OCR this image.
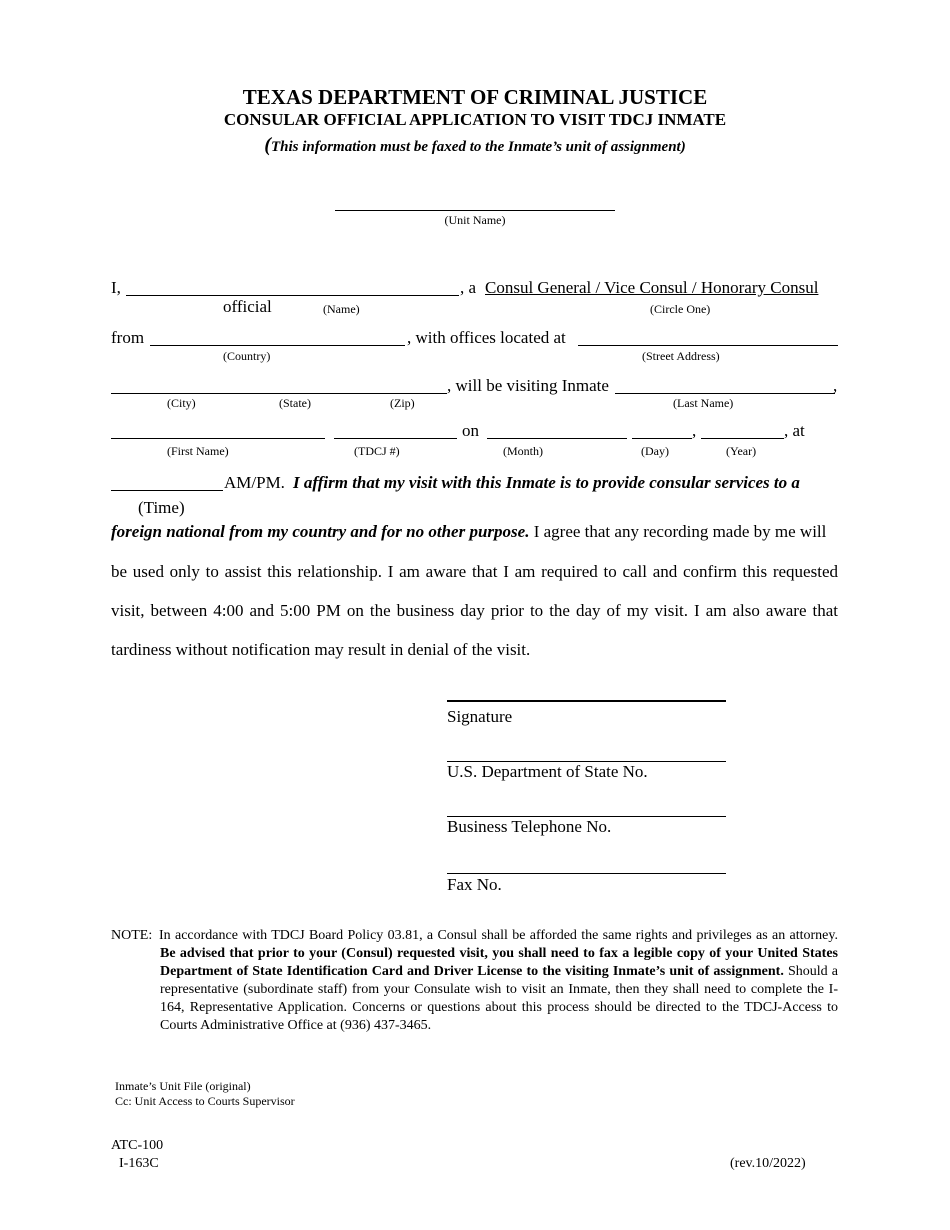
TEXAS DEPARTMENT OF CRIMINAL JUSTICE
CONSULAR OFFICIAL APPLICATION TO VISIT TDCJ INMATE
(This information must be faxed to the Inmate’s unit of assignment)
(Unit Name)
I,	, a Consul General / Vice Consul / Honorary Consul
official	(Name)	(Circle One)
from	, with offices located at
(Country)	(Street Address)
, will be visiting Inmate	,
(City)	(State)	(Zip)	(Last Name)
on	,	, at
(First Name)	(TDCJ #)	(Month)	(Day)	(Year)
AM/PM. I affirm that my visit with this Inmate is to provide consular services to a
(Time)
foreign national from my country and for no other purpose. I agree that any recording made by me will
be used only to assist this relationship. I am aware that I am required to call and confirm this requested
visit, between 4:00 and 5:00 PM on the business day prior to the day of my visit. I am also aware that
tardiness without notification may result in denial of the visit.
Signature
U.S. Department of State No.
Business Telephone No.
Fax No.
NOTE: In accordance with TDCJ Board Policy 03.81, a Consul shall be afforded the same rights and privileges as an attorney. Be advised that prior to your (Consul) requested visit, you shall need to fax a legible copy of your United States Department of State Identification Card and Driver License to the visiting Inmate’s unit of assignment. Should a representative (subordinate staff) from your Consulate wish to visit an Inmate, then they shall need to complete the I-164, Representative Application. Concerns or questions about this process should be directed to the TDCJ-Access to Courts Administrative Office at (936) 437-3465.
Inmate’s Unit File (original)
Cc: Unit Access to Courts Supervisor
ATC-100
I-163C	(rev.10/2022)
